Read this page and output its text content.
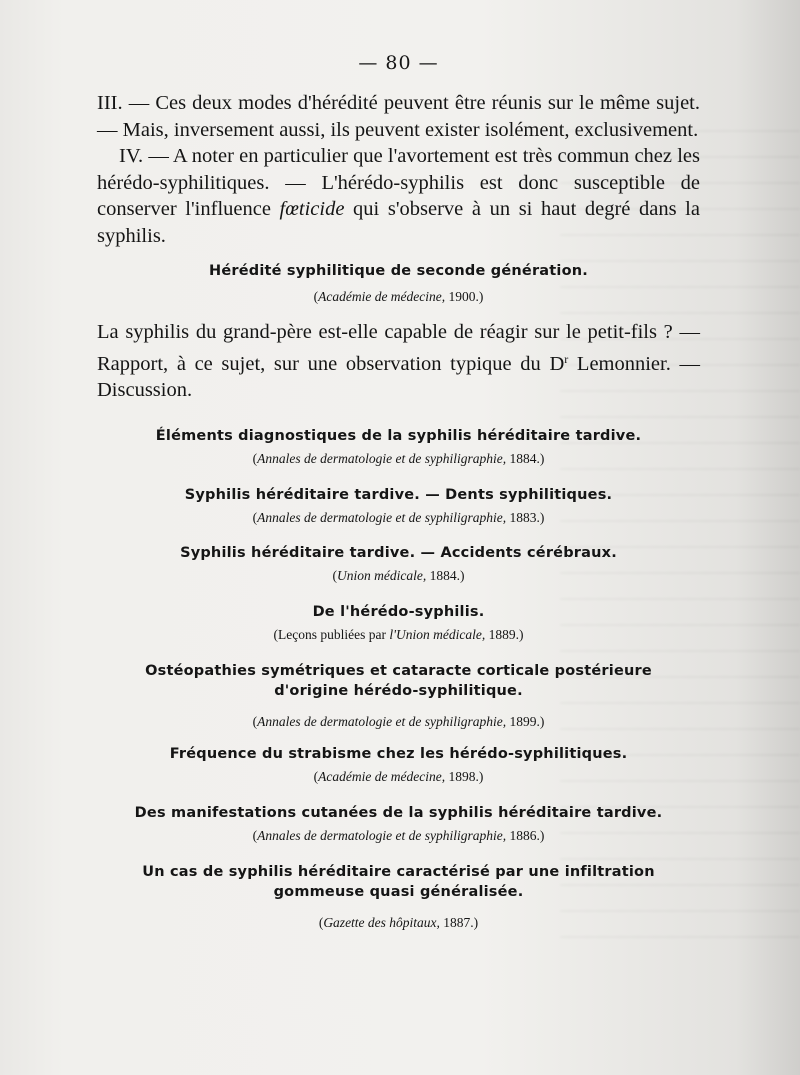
— 80 —

III. — Ces deux modes d'hérédité peuvent être réunis sur le même sujet. — Mais, inversement aussi, ils peuvent exister isolément, exclusivement.

IV. — A noter en particulier que l'avortement est très commun chez les hérédo-syphilitiques. — L'hérédo-syphilis est donc susceptible de conserver l'influence fœticide qui s'observe à un si haut degré dans la syphilis.

Hérédité syphilitique de seconde génération.

(Académie de médecine, 1900.)

La syphilis du grand-père est-elle capable de réagir sur le petit-fils ? — Rapport, à ce sujet, sur une observation typique du $D^r$ Lemonnier. — Discussion.

Éléments diagnostiques de la syphilis héréditaire tardive.

(Annales de dermatologie et de syphiligraphie, 1884.)

Syphilis héréditaire tardive. — Dents syphilitiques.

(Annales de dermatologie et de syphiligraphie, 1883.)

Syphilis héréditaire tardive. — Accidents cérébraux.

(Union médicale, 1884.)

De l'hérédo-syphilis.

(Leçons publiées par l'Union médicale, 1889.)

Ostéopathies symétriques et cataracte corticale postérieure d'origine hérédo-syphilitique.

(Annales de dermatologie et de syphiligraphie, 1899.)

Fréquence du strabisme chez les hérédo-syphilitiques.

(Académie de médecine, 1898.)

Des manifestations cutanées de la syphilis héréditaire tardive.

(Annales de dermatologie et de syphiligraphie, 1886.)

Un cas de syphilis héréditaire caractérisé par une infiltration gommeuse quasi généralisée.

(Gazette des hôpitaux, 1887.)
